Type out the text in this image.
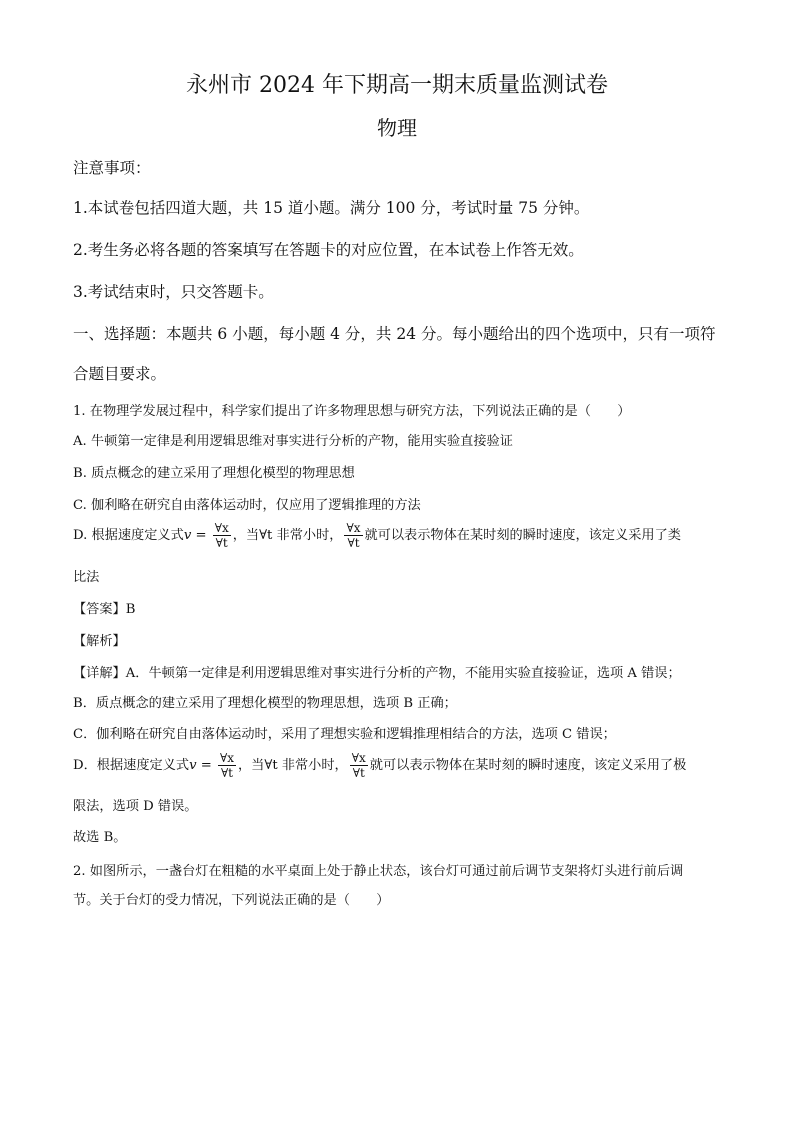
永州市 2024 年下期高一期末质量监测试卷
物理
注意事项：
1.本试卷包括四道大题，共 15 道小题。满分 100 分，考试时量 75 分钟。
2.考生务必将各题的答案填写在答题卡的对应位置，在本试卷上作答无效。
3.考试结束时，只交答题卡。
一、选择题：本题共 6 小题，每小题 4 分，共 24 分。每小题给出的四个选项中，只有一项符
合题目要求。
1. 在物理学发展过程中，科学家们提出了许多物理思想与研究方法，下列说法正确的是（　　）
A. 牛顿第一定律是利用逻辑思维对事实进行分析的产物，能用实验直接验证
B. 质点概念的建立采用了理想化模型的物理思想
C. 伽利略在研究自由落体运动时，仅应用了逻辑推理的方法
D. 根据速度定义式$v = \frac{\forall x}{\forall t}$ ，当∀t 非常小时， $\frac{\forall x}{\forall t}$ 就可以表示物体在某时刻的瞬时速度，该定义采用了类
比法
【答案】B
【解析】
【详解】A．牛顿第一定律是利用逻辑思维对事实进行分析的产物，不能用实验直接验证，选项 A 错误；
B．质点概念的建立采用了理想化模型的物理思想，选项 B 正确；
C．伽利略在研究自由落体运动时，采用了理想实验和逻辑推理相结合的方法，选项 C 错误；
D．根据速度定义式$v = \frac{\forall x}{\forall t}$ ，当∀t 非常小时， $\frac{\forall x}{\forall t}$ 就可以表示物体在某时刻的瞬时速度，该定义采用了极
限法，选项 D 错误。
故选 B。
2. 如图所示，一盏台灯在粗糙的水平桌面上处于静止状态，该台灯可通过前后调节支架将灯头进行前后调
节。关于台灯的受力情况，下列说法正确的是（　　）
